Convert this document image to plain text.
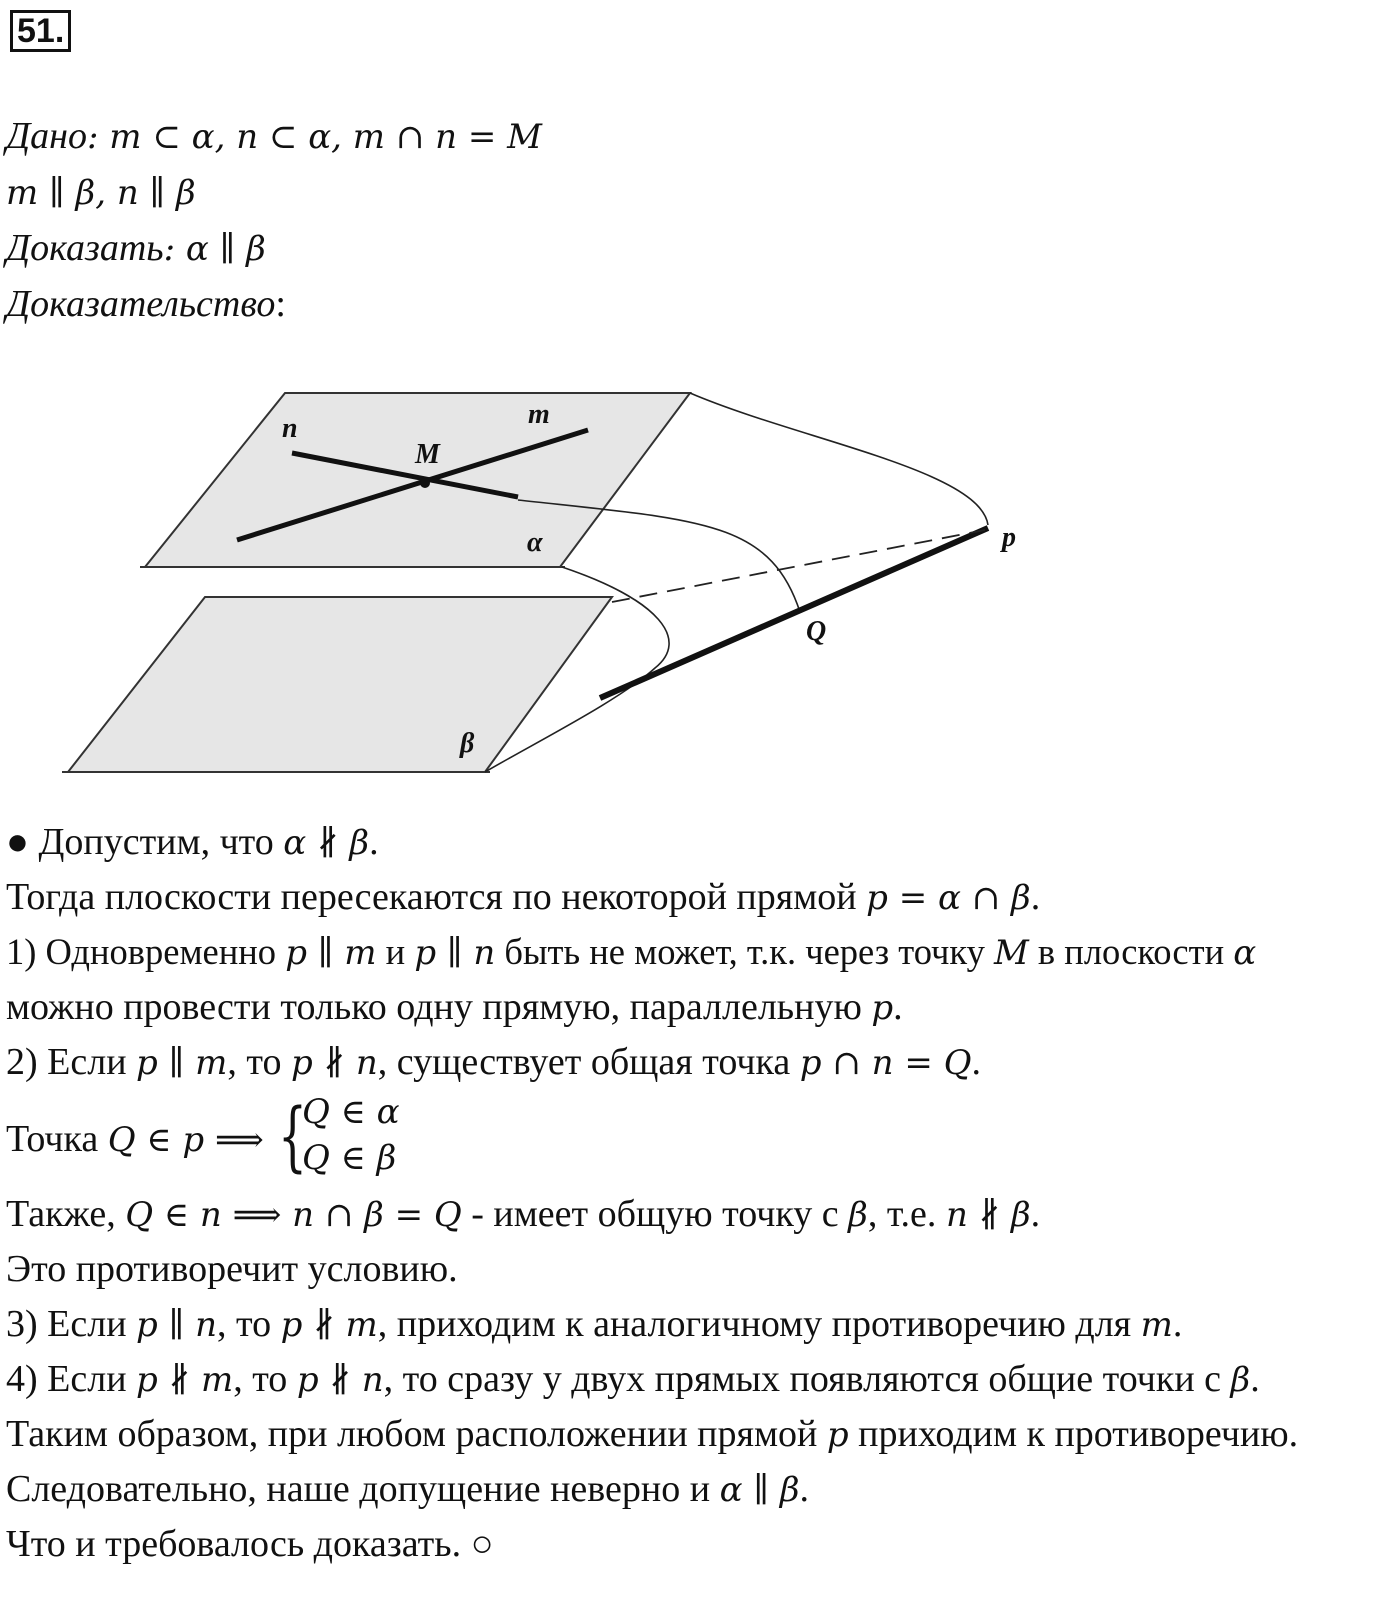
51.
Дано: m ⊂ α, n ⊂ α, m ∩ n = M
m ∥ β, n ∥ β
Доказать: α ∥ β
Доказательство:
n	m
M
α
β
p
Q
● Допустим, что α ∦ β.
Тогда плоскости пересекаются по некоторой прямой p = α ∩ β.
1) Одновременно p ∥ m и p ∥ n быть не может, т.к. через точку M в плоскости α
можно провести только одну прямую, параллельную p.
2) Если p ∥ m, то p ∦ n, существует общая точка p ∩ n = Q.
Точка Q ∈ p ⟹ {
Q ∈ α
Q ∈ β
Также, Q ∈ n ⟹ n ∩ β = Q - имеет общую точку с β, т.е. n ∦ β.
Это противоречит условию.
3) Если p ∥ n, то p ∦ m, приходим к аналогичному противоречию для m.
4) Если p ∦ m, то p ∦ n, то сразу у двух прямых появляются общие точки с β.
Таким образом, при любом расположении прямой p приходим к противоречию.
Следовательно, наше допущение неверно и α ∥ β.
Что и требовалось доказать. ○
